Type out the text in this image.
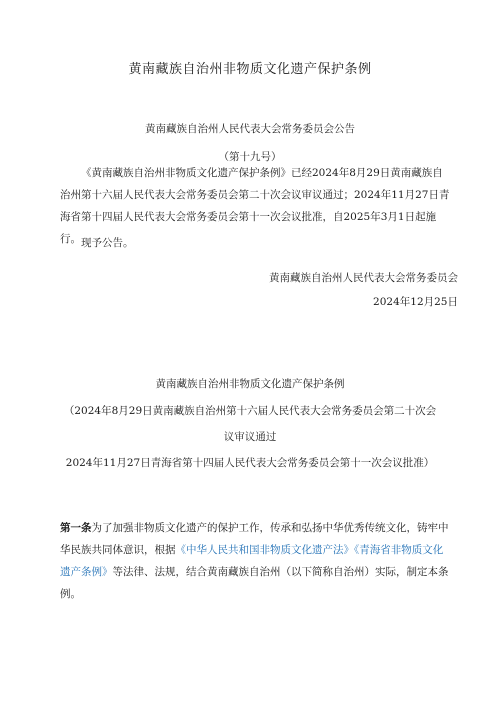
黄南藏族自治州非物质文化遗产保护条例
黄南藏族自治州人民代表大会常务委员会公告
（第十九号）
《黄南藏族自治州非物质文化遗产保护条例》已经2024年8月29日黄南藏族自治州第十六届人民代表大会常务委员会第二十次会议审议通过；2024年11月27日青海省第十四届人民代表大会常务委员会第十一次会议批准，自2025年3月1日起施行。 现予公告。
黄南藏族自治州人民代表大会常务委员会
2024年12月25日
黄南藏族自治州非物质文化遗产保护条例
（2024年8月29日黄南藏族自治州第十六届人民代表大会常务委员会第二十次会
议审议通过
2024年11月27日青海省第十四届人民代表大会常务委员会第十一次会议批准）
第一条为了加强非物质文化遗产的保护工作，传承和弘扬中华优秀传统文化，铸牢中华民族共同体意识，根据《中华人民共和国非物质文化遗产法》《青海省非物质文化遗产条例》等法律、法规，结合黄南藏族自治州（以下简称自治州）实际，制定本条例。
